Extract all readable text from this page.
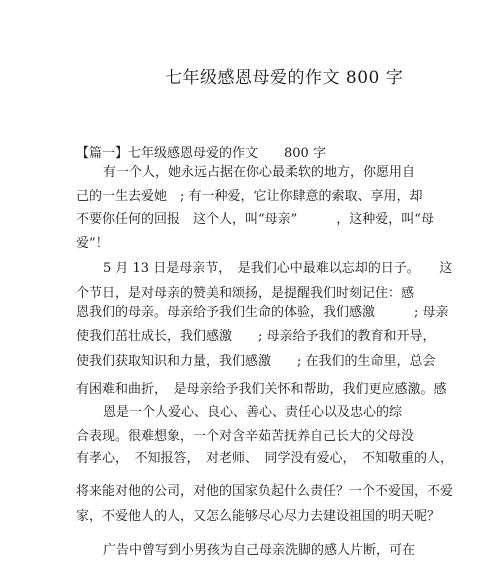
七年级感恩母爱的作文 800 字
【篇一】七年级感恩母爱的作文　　800 字
有一个人，她永远占据在你心最柔软的地方，你愿用自
己的一生去爱她　; 有一种爱，它让你肆意的索取、享用，却
不要你任何的回报　这个人，叫“母亲”　　　，这种爱，叫“母
爱”！
5 月 13 日是母亲节，　是我们心中最难以忘却的日子。　　这
个节日，是对母亲的赞美和颂扬，是提醒我们时刻记住：感
恩我们的母亲。母亲给予我们生命的体验，我们感激　　　; 母亲
使我们茁壮成长，我们感激　　; 母亲给予我们的教育和开导，
使我们获取知识和力量，我们感激　　; 在我们的生命里，总会
有困难和曲折，　是母亲给予我们关怀和帮助，我们更应感激。感
恩是一个人爱心、良心、善心、责任心以及忠心的综
合表现。很难想象，一个对含辛茹苦抚养自己长大的父母没
有孝心，　不知报答，　对老师、　同学没有爱心，　不知敬重的人，
将来能对他的公司，对他的国家负起什么责任？一个不爱国，不爱
家，不爱他人的人，又怎么能够尽心尽力去建设祖国的明天呢？
广告中曾写到小男孩为自己母亲洗脚的感人片断，可在
